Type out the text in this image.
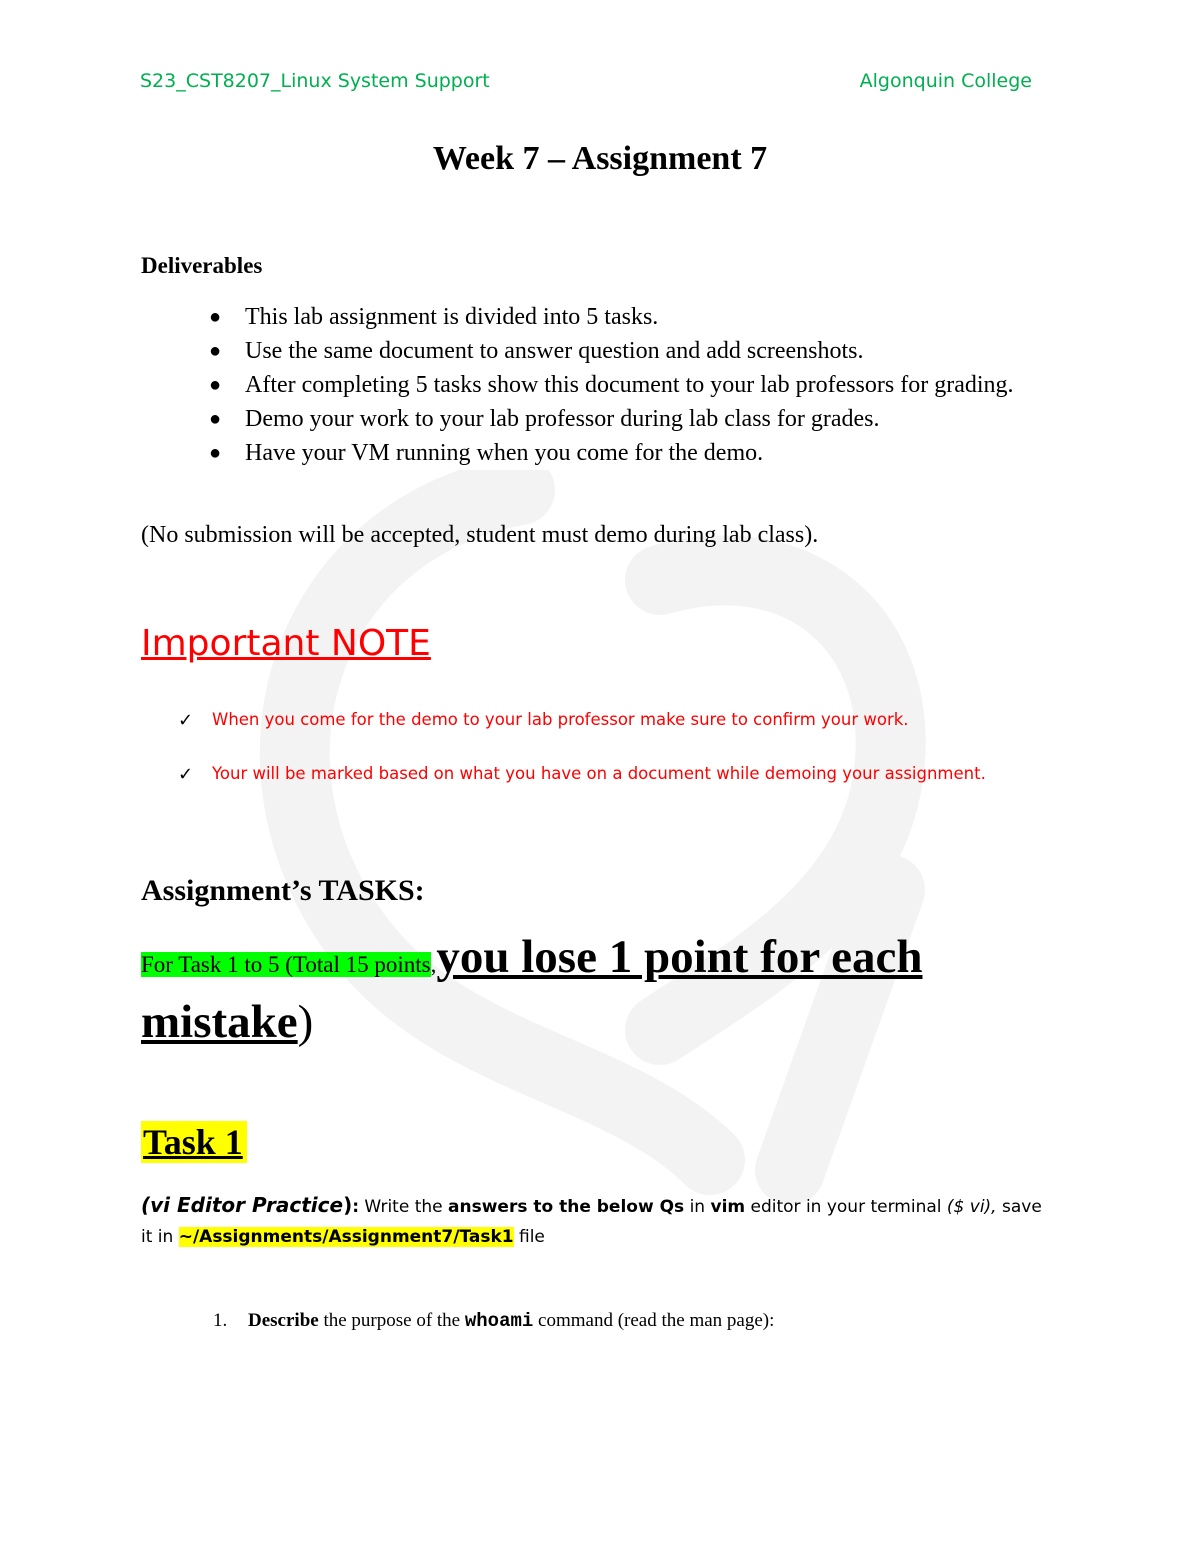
S23_CST8207_Linux System Support	Algonquin College
Week 7 – Assignment 7
Deliverables
● This lab assignment is divided into 5 tasks.
● Use the same document to answer question and add screenshots.
● After completing 5 tasks show this document to your lab professors for grading.
● Demo your work to your lab professor during lab class for grades.
● Have your VM running when you come for the demo.
(No submission will be accepted, student must demo during lab class).
Important NOTE
✓ When you come for the demo to your lab professor make sure to confirm your work.
✓ Your will be marked based on what you have on a document while demoing your assignment.
Assignment’s TASKS:
For Task 1 to 5 (Total 15 points,you lose 1 point for each
mistake)
Task 1
(vi Editor Practice): Write the answers to the below Qs in vim editor in your terminal ($ vi), save it in ~/Assignments/Assignment7/Task1 file
1. Describe the purpose of the whoami command (read the man page):
